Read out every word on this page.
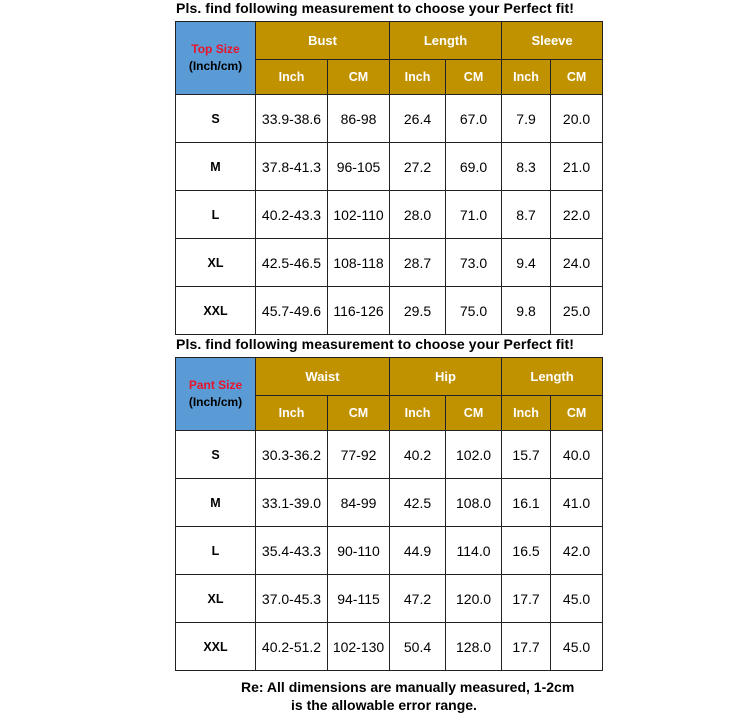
Pls. find following measurement to choose your Perfect fit!
Top Size
(Inch/cm)	Bust		Length		Sleeve	
	Inch	CM	Inch	CM	Inch	CM
S	33.9-38.6	86-98	26.4	67.0	7.9	20.0
M	37.8-41.3	96-105	27.2	69.0	8.3	21.0
L	40.2-43.3	102-110	28.0	71.0	8.7	22.0
XL	42.5-46.5	108-118	28.7	73.0	9.4	24.0
XXL	45.7-49.6	116-126	29.5	75.0	9.8	25.0
Pls. find following measurement to choose your Perfect fit!
Pant Size
(Inch/cm)	Waist		Hip		Length	
	Inch	CM	Inch	CM	Inch	CM
S	30.3-36.2	77-92	40.2	102.0	15.7	40.0
M	33.1-39.0	84-99	42.5	108.0	16.1	41.0
L	35.4-43.3	90-110	44.9	114.0	16.5	42.0
XL	37.0-45.3	94-115	47.2	120.0	17.7	45.0
XXL	40.2-51.2	102-130	50.4	128.0	17.7	45.0
Re: All dimensions are manually measured, 1-2cm
is the allowable error range.
